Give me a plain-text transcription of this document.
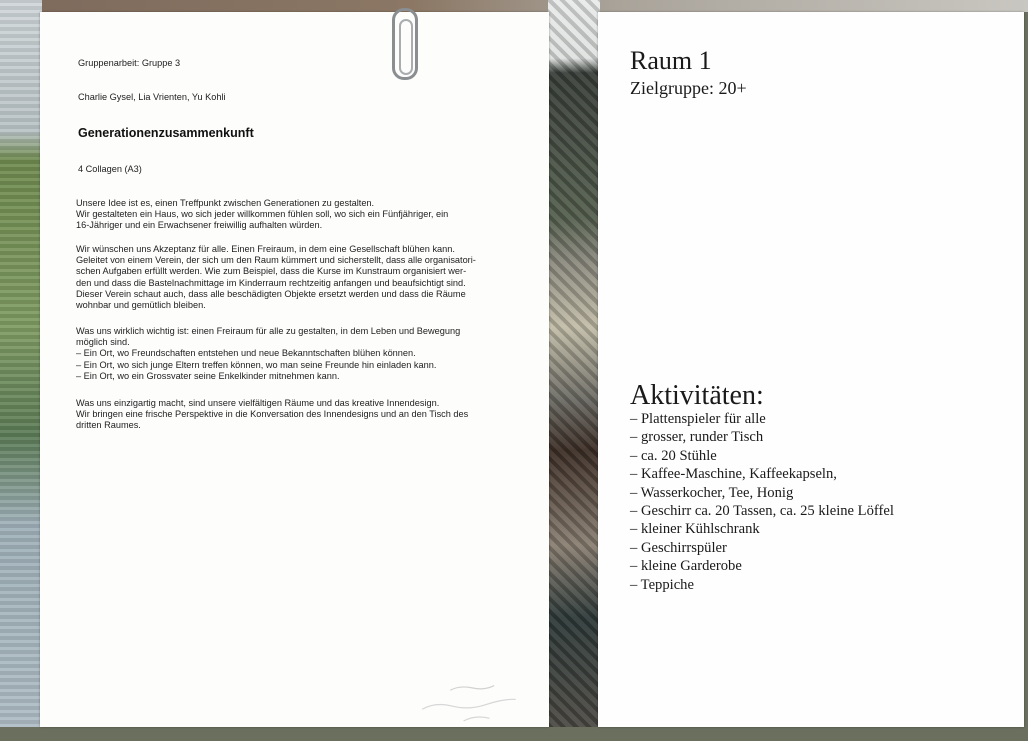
Gruppenarbeit: Gruppe 3
Charlie Gysel, Lia Vrienten, Yu Kohli
Generationenzusammenkunft
4 Collagen (A3)
Unsere Idee ist es, einen Treffpunkt zwischen Generationen zu gestalten.
Wir gestalteten ein Haus, wo sich jeder willkommen fühlen soll, wo sich ein Fünfjähriger, ein
16-Jähriger und ein Erwachsener freiwillig aufhalten würden.
Wir wünschen uns Akzeptanz für alle. Einen Freiraum, in dem eine Gesellschaft blühen kann.
Geleitet von einem Verein, der sich um den Raum kümmert und sicherstellt, dass alle organisatori-
schen Aufgaben erfüllt werden. Wie zum Beispiel, dass die Kurse im Kunstraum organisiert wer-
den und dass die Bastelnachmittage im Kinderraum rechtzeitig anfangen und beaufsichtigt sind.
Dieser Verein schaut auch, dass alle beschädigten Objekte ersetzt werden und dass die Räume
wohnbar und gemütlich bleiben.
Was uns wirklich wichtig ist: einen Freiraum für alle zu gestalten, in dem Leben und Bewegung
möglich sind.
– Ein Ort, wo Freundschaften entstehen und neue Bekanntschaften blühen können.
– Ein Ort, wo sich junge Eltern treffen können, wo man seine Freunde hin einladen kann.
– Ein Ort, wo ein Grossvater seine Enkelkinder mitnehmen kann.
Was uns einzigartig macht, sind unsere vielfältigen Räume und das kreative Innendesign.
Wir bringen eine frische Perspektive in die Konversation des Innendesigns und an den Tisch des
dritten Raumes.
Raum 1
Zielgruppe: 20+
Aktivitäten:
– Plattenspieler für alle
– grosser, runder Tisch
– ca. 20 Stühle
– Kaffee-Maschine, Kaffeekapseln,
– Wasserkocher, Tee, Honig
– Geschirr ca. 20 Tassen, ca. 25 kleine Löffel
– kleiner Kühlschrank
– Geschirrspüler
– kleine Garderobe
– Teppiche
